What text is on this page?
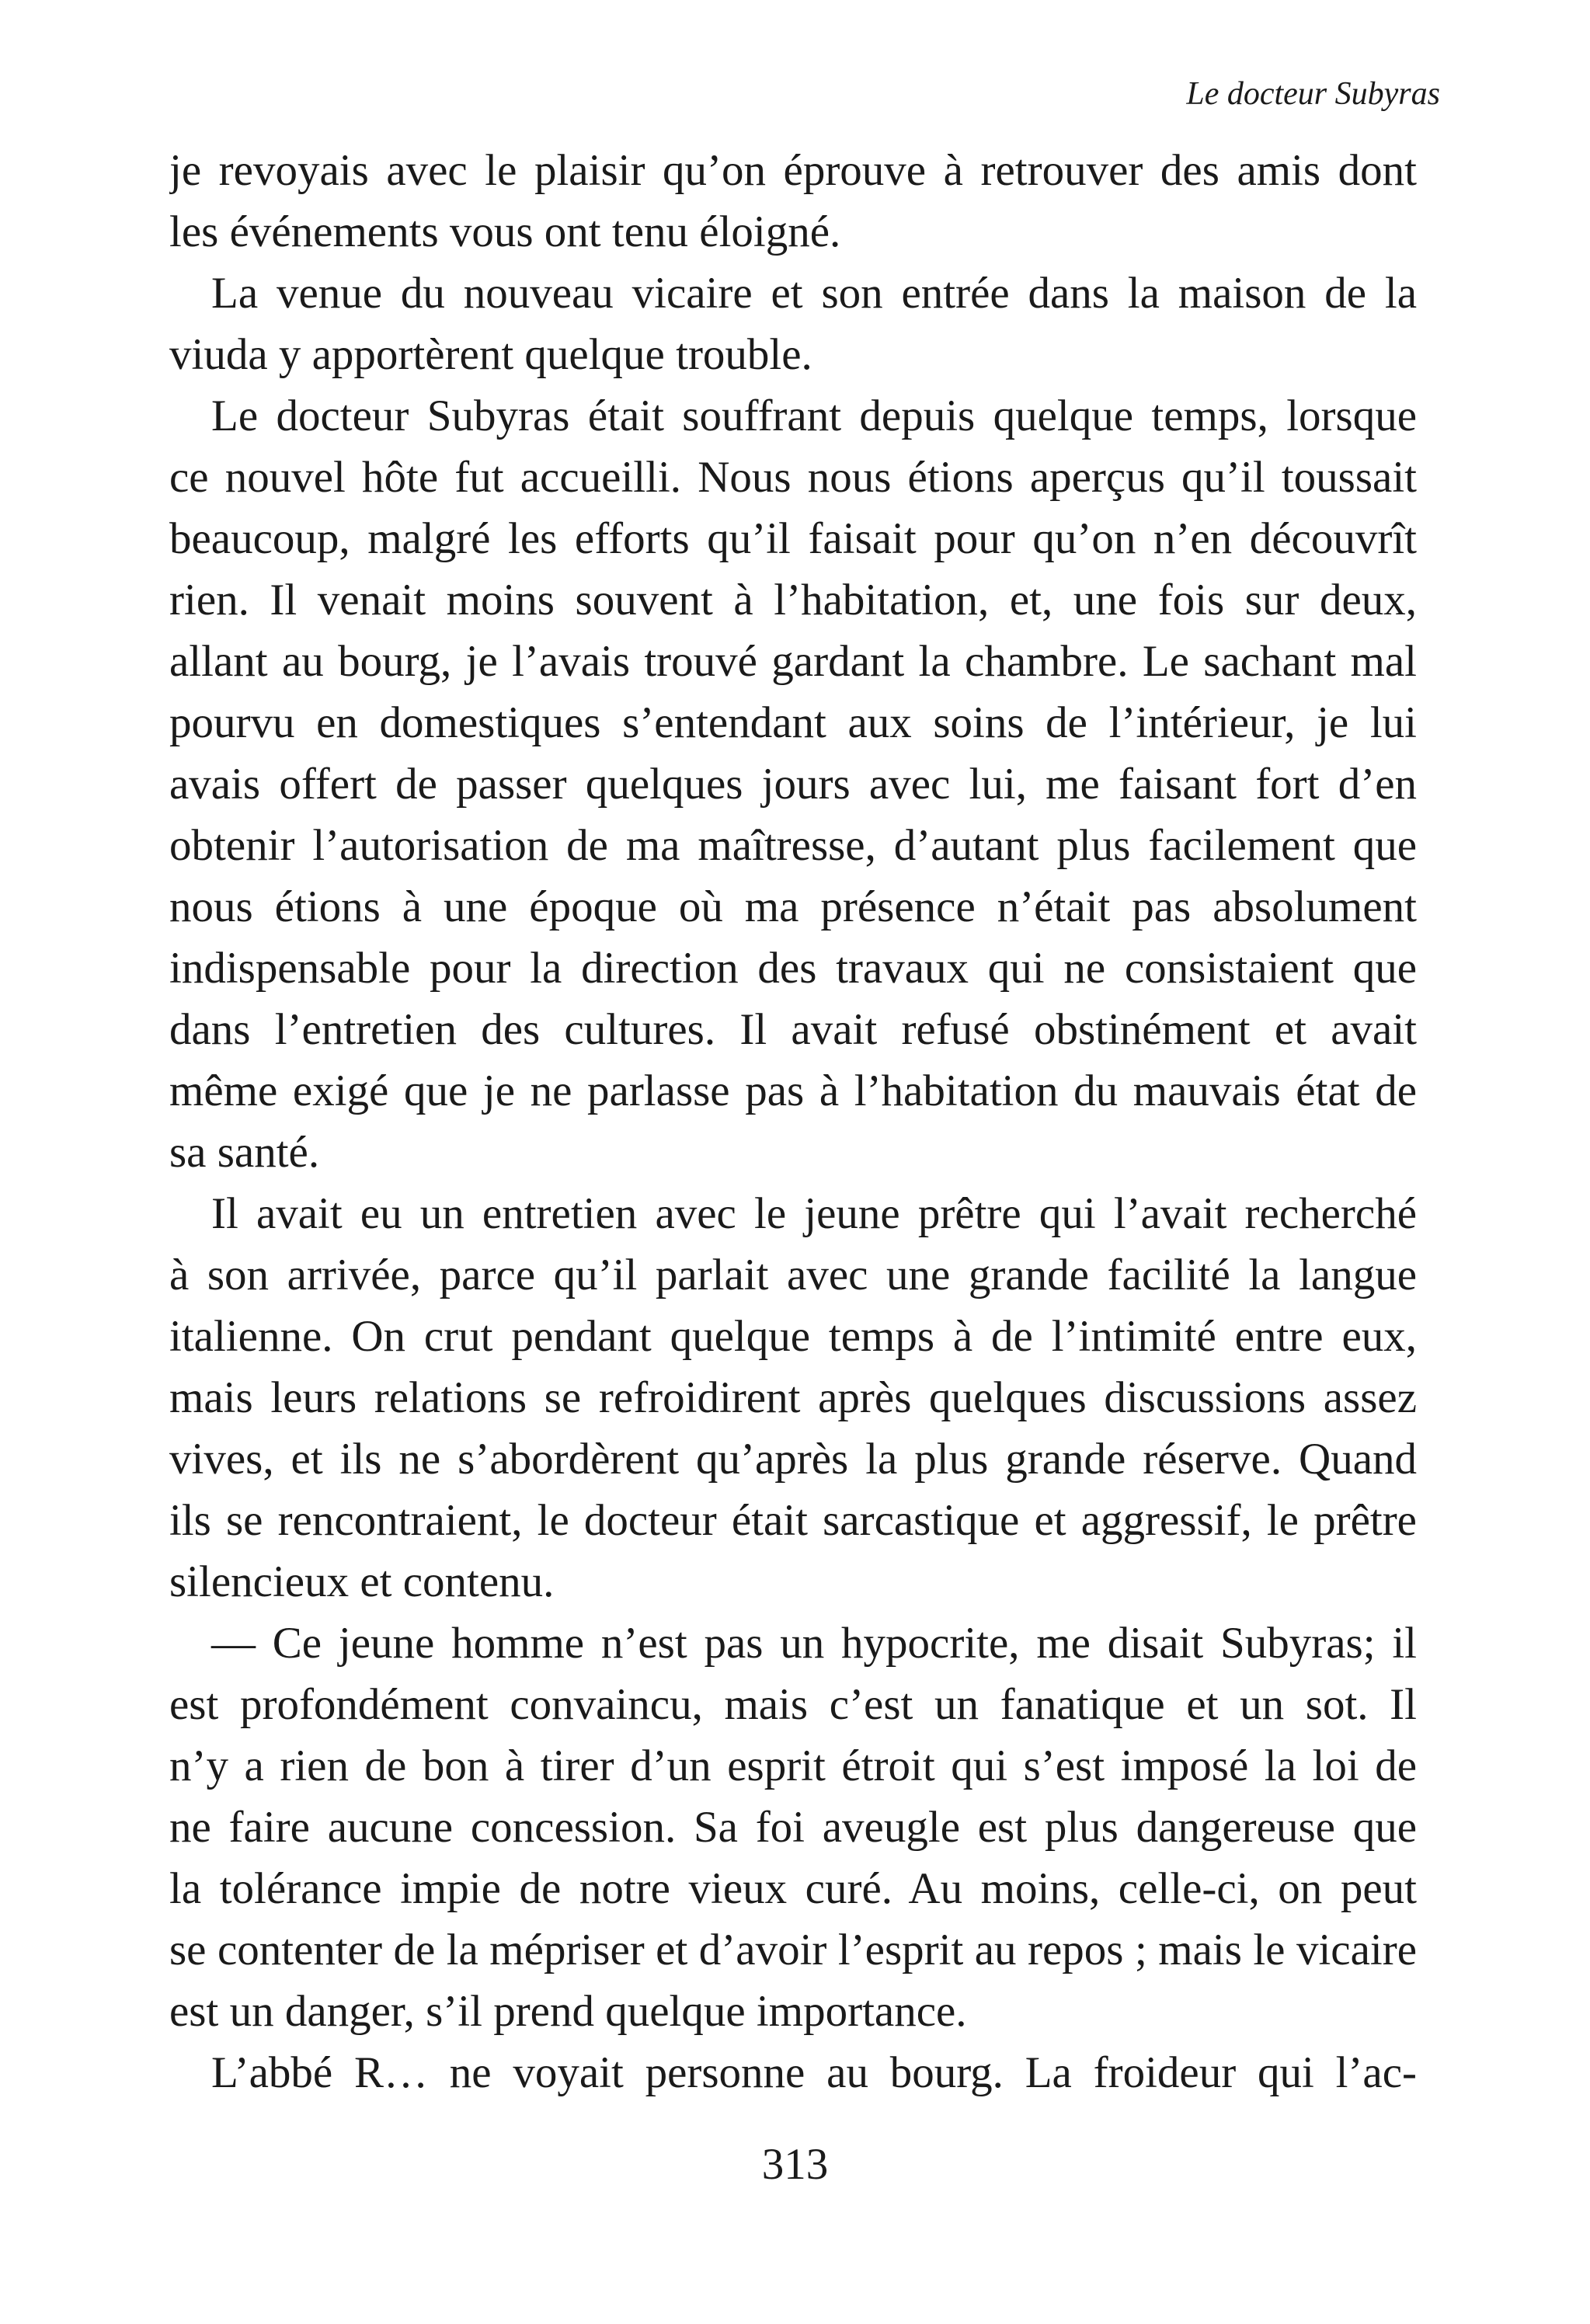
Le docteur Subyras
je revoyais avec le plaisir qu’on éprouve à retrouver des amis dont
les événements vous ont tenu éloigné.
La venue du nouveau vicaire et son entrée dans la maison de la
viuda y apportèrent quelque trouble.
Le docteur Subyras était souffrant depuis quelque temps, lorsque
ce nouvel hôte fut accueilli. Nous nous étions aperçus qu’il toussait
beaucoup, malgré les efforts qu’il faisait pour qu’on n’en découvrît
rien. Il venait moins souvent à l’habitation, et, une fois sur deux,
allant au bourg, je l’avais trouvé gardant la chambre. Le sachant mal
pourvu en domestiques s’entendant aux soins de l’intérieur, je lui
avais offert de passer quelques jours avec lui, me faisant fort d’en
obtenir l’autorisation de ma maîtresse, d’autant plus facilement que
nous étions à une époque où ma présence n’était pas absolument
indispensable pour la direction des travaux qui ne consistaient que
dans l’entretien des cultures. Il avait refusé obstinément et avait
même exigé que je ne parlasse pas à l’habitation du mauvais état de
sa santé.
Il avait eu un entretien avec le jeune prêtre qui l’avait recherché
à son arrivée, parce qu’il parlait avec une grande facilité la langue
italienne. On crut pendant quelque temps à de l’intimité entre eux,
mais leurs relations se refroidirent après quelques discussions assez
vives, et ils ne s’abordèrent qu’après la plus grande réserve. Quand
ils se rencontraient, le docteur était sarcastique et aggressif, le prêtre
silencieux et contenu.
— Ce jeune homme n’est pas un hypocrite, me disait Subyras; il
est profondément convaincu, mais c’est un fanatique et un sot. Il
n’y a rien de bon à tirer d’un esprit étroit qui s’est imposé la loi de
ne faire aucune concession. Sa foi aveugle est plus dangereuse que
la tolérance impie de notre vieux curé. Au moins, celle-ci, on peut
se contenter de la mépriser et d’avoir l’esprit au repos ; mais le vicaire
est un danger, s’il prend quelque importance.
L’abbé R… ne voyait personne au bourg. La froideur qui l’ac-
313
